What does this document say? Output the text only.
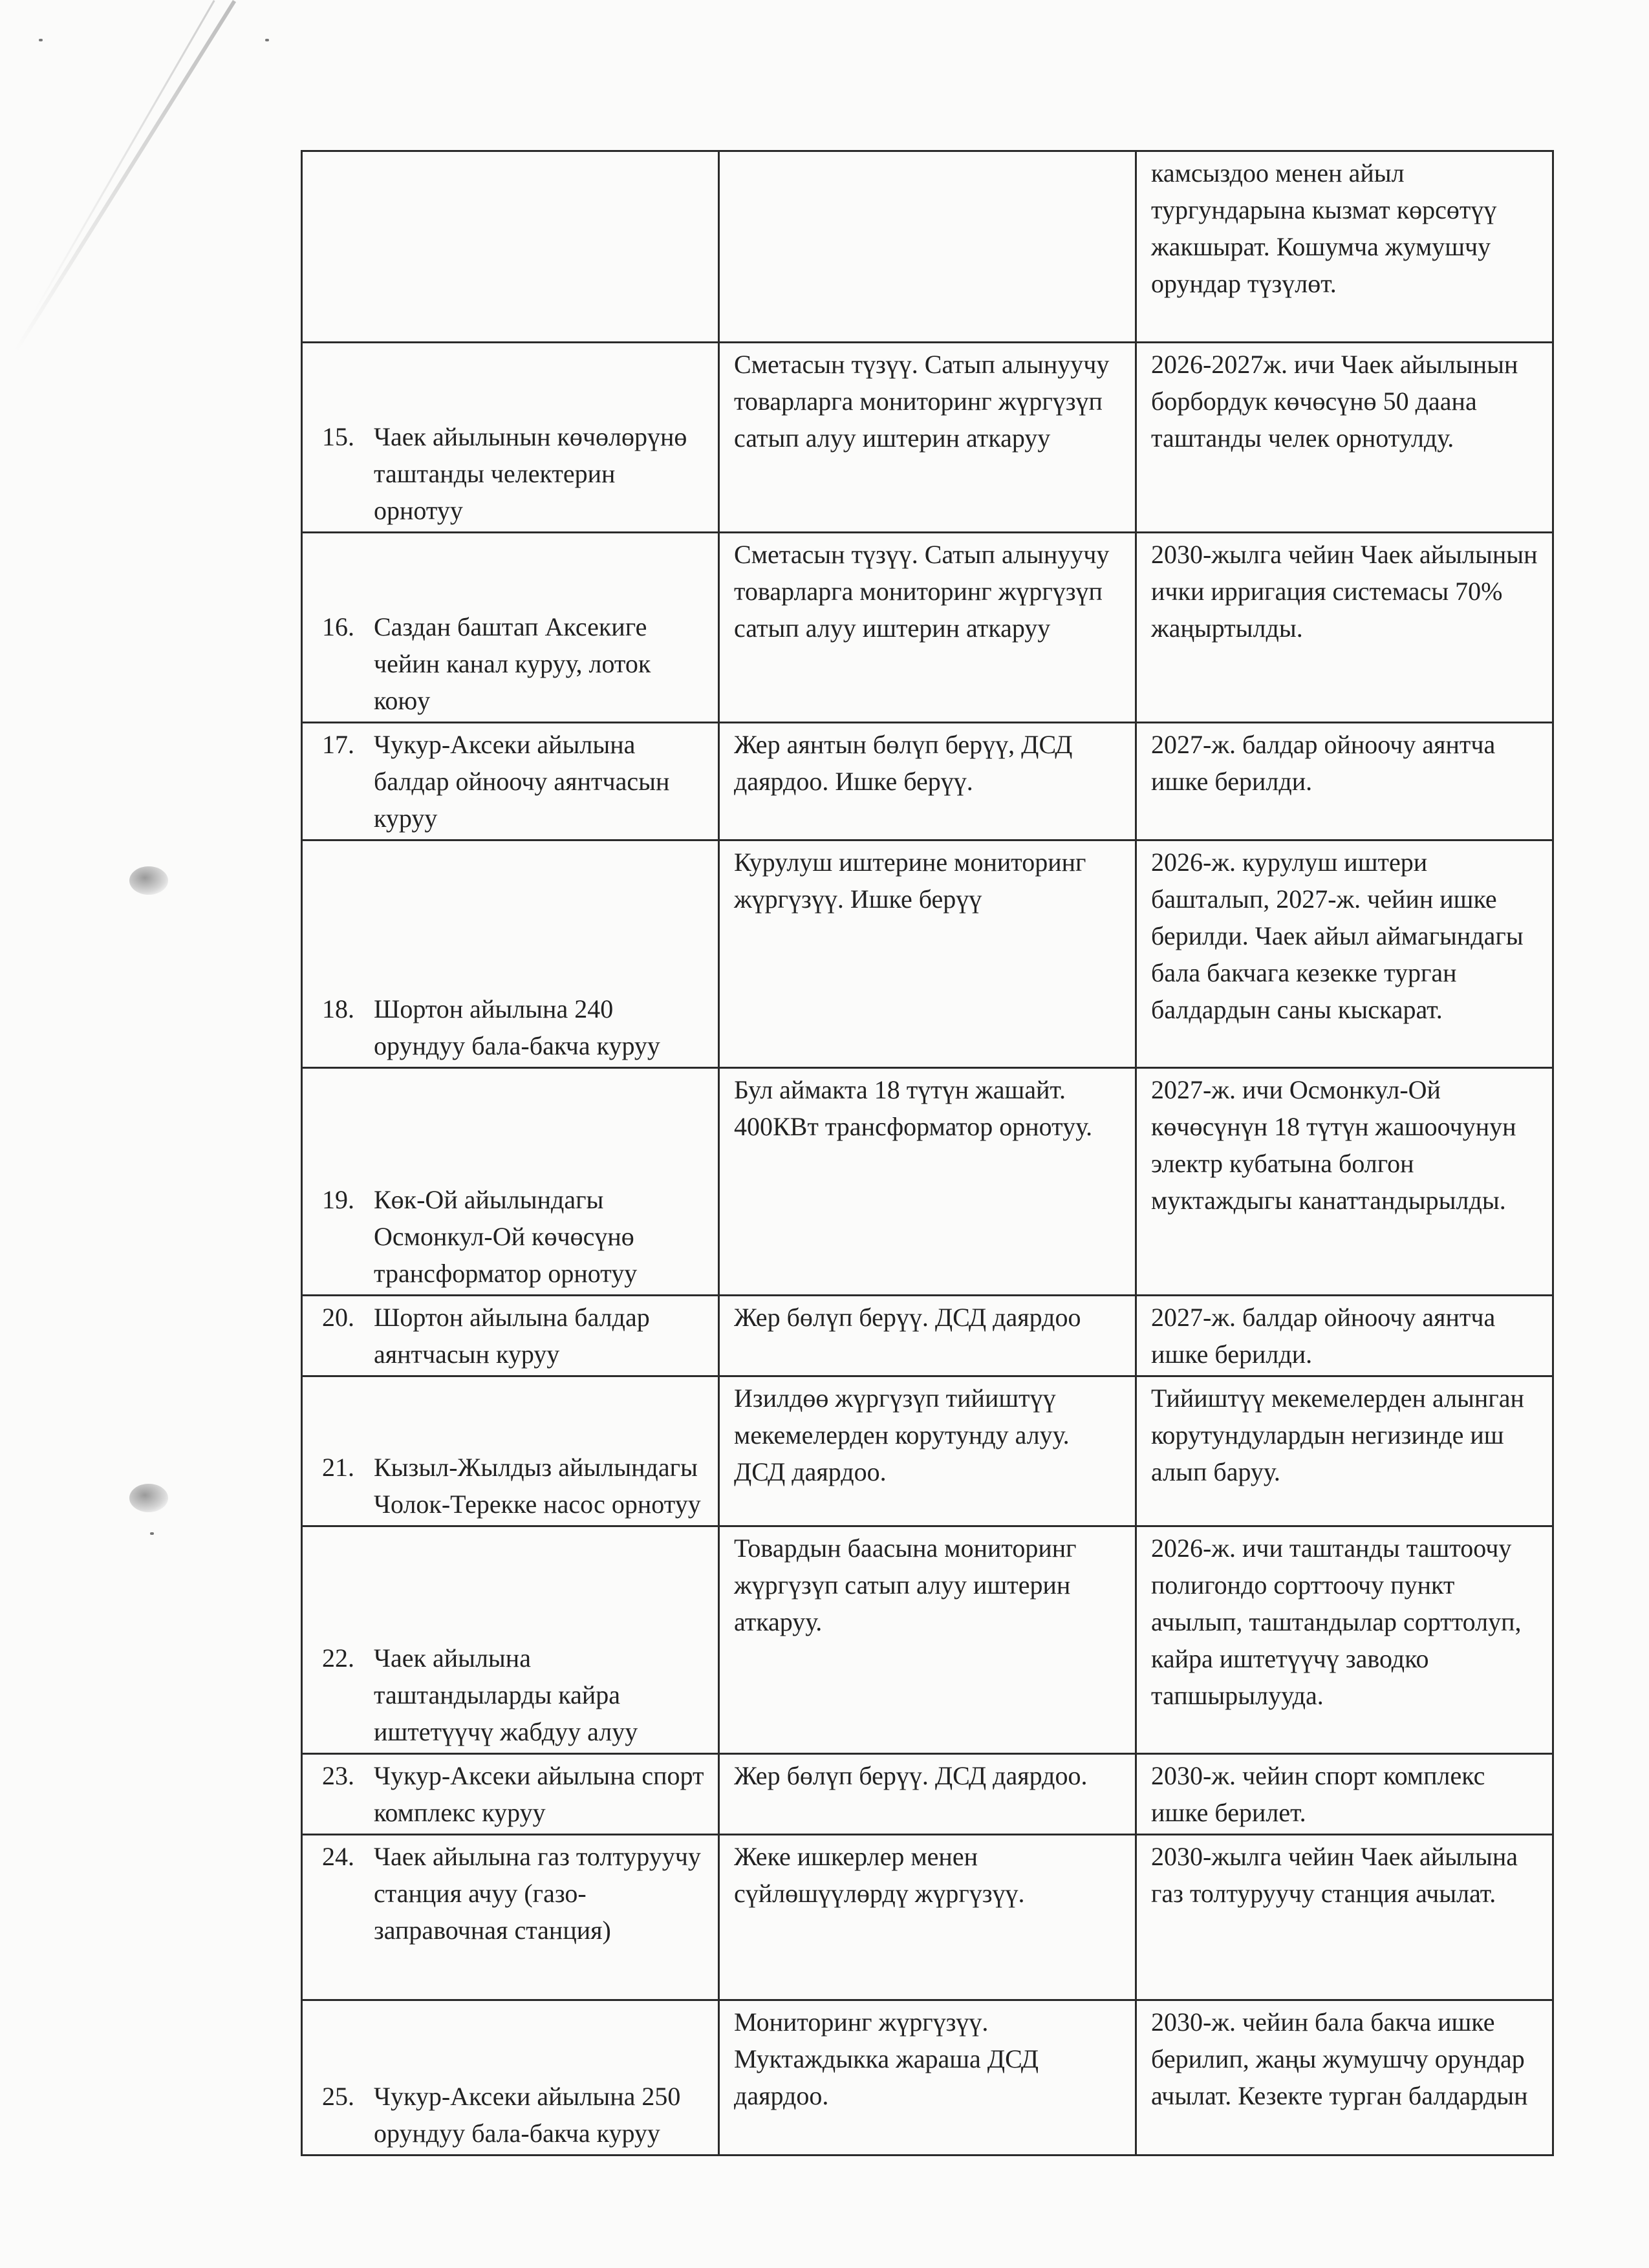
		камсыздоо менен айыл тургундарына кызмат көрсөтүү жакшырат. Кошумча жумушчу орундар түзүлөт.

15. Чаек айылынын көчөлөрүнө таштанды челектерин орнотуу	Сметасын түзүү. Сатып алынуучу товарларга мониторинг жүргүзүп сатып алуу иштерин аткаруу	2026-2027ж. ичи Чаек айылынын борбордук көчөсүнө 50 даана таштанды челек орнотулду.

16. Саздан баштап Аксекиге чейин канал куруу, лоток коюу	Сметасын түзүү. Сатып алынуучу товарларга мониторинг жүргүзүп сатып алуу иштерин аткаруу	2030-жылга чейин Чаек айылынын ички ирригация системасы 70% жаңыртылды.

17. Чукур-Аксеки айылына балдар ойноочу аянтчасын куруу	Жер аянтын бөлүп берүү, ДСД даярдоо. Ишке берүү.	2027-ж. балдар ойноочу аянтча ишке берилди.

18. Шортон айылына 240 орундуу бала-бакча куруу	Курулуш иштерине мониторинг жүргүзүү. Ишке берүү	2026-ж. курулуш иштери башталып, 2027-ж. чейин ишке берилди. Чаек айыл аймагындагы бала бакчага кезекке турган балдардын саны кыскарат.

19. Көк-Ой айылындагы Осмонкул-Ой көчөсүнө трансформатор орнотуу	Бул аймакта 18 түтүн жашайт. 400КВт трансформатор орнотуу.	2027-ж. ичи Осмонкул-Ой көчөсүнүн 18 түтүн жашоочунун электр кубатына болгон муктаждыгы канаттандырылды.

20. Шортон айылына балдар аянтчасын куруу	Жер бөлүп берүү. ДСД даярдоо	2027-ж. балдар ойноочу аянтча ишке берилди.

21. Кызыл-Жылдыз айылындагы Чолок-Терекке насос орнотуу	Изилдөө жүргүзүп тийиштүү мекемелерден корутунду алуу. ДСД даярдоо.	Тийиштүү мекемелерден алынган корутундулардын негизинде иш алып баруу.

22. Чаек айылына таштандыларды кайра иштетүүчү жабдуу алуу	Товардын баасына мониторинг жүргүзүп сатып алуу иштерин аткаруу.	2026-ж. ичи таштанды таштоочу полигондо сорттоочу пункт ачылып, таштандылар сорттолуп, кайра иштетүүчү заводко тапшырылууда.

23. Чукур-Аксеки айылына спорт комплекс куруу	Жер бөлүп берүү. ДСД даярдоо.	2030-ж. чейин спорт комплекс ишке берилет.

24. Чаек айылына газ толтуруучу станция ачуу (газо-заправочная станция)	Жеке ишкерлер менен сүйлөшүүлөрдү жүргүзүү.	2030-жылга чейин Чаек айылына газ толтуруучу станция ачылат.

25. Чукур-Аксеки айылына 250 орундуу бала-бакча куруу	Мониторинг жүргүзүү. Муктаждыкка жараша ДСД даярдоо.	2030-ж. чейин бала бакча ишке берилип, жаңы жумушчу орундар ачылат. Кезекте турган балдардын
